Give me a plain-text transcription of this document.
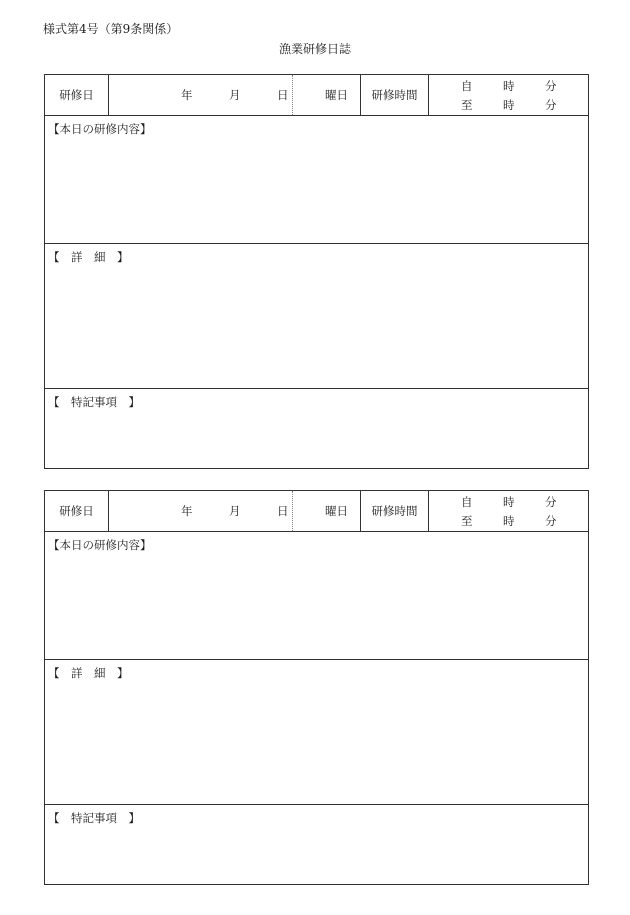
様式第4号（第9条関係）
漁業研修日誌
研修日	年	月	日	曜日 研修時間
自	時	分
至	時	分
【本日の研修内容】
【　詳　細　】
【　特記事項　】
研修日	年	月	日	曜日 研修時間
自	時	分
至	時	分
【本日の研修内容】
【　詳　細　】
【　特記事項　】
